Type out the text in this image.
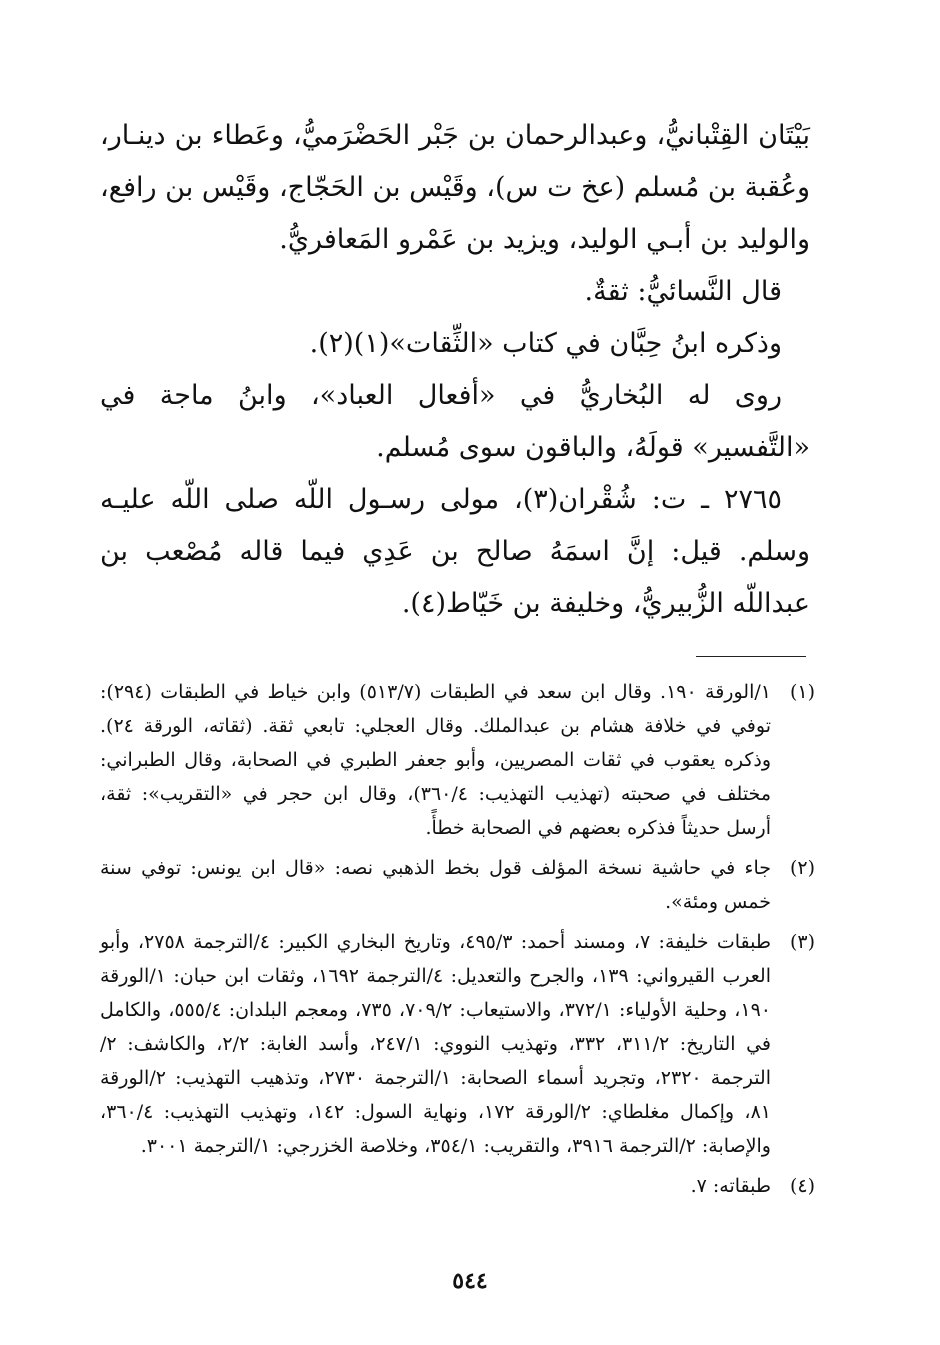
بَيْتَان القِتْبانيُّ، وعبدالرحمان بن جَبْر الحَضْرَميُّ، وعَطاء بن دينـار، وعُقبة بن مُسلم (عخ ت س)، وقَيْس بن الحَجّاج، وقَيْس بن رافع، والوليد بن أبـي الوليد، ويزيد بن عَمْرو المَعافريُّ.

قال النَّسائيُّ: ثقةٌ.

وذكره ابنُ حِبَّان في كتاب «الثِّقات»(١)(٢).

روى له البُخاريُّ في «أفعال العباد»، وابنُ ماجة في «التَّفسير» قولَهُ، والباقون سوى مُسلم.

٢٧٦٥ ـ ت: شُقْران(٣)، مولى رسـول اللّه صلى اللّه عليـه وسلم. قيل: إنَّ اسمَهُ صالح بن عَدِي فيما قاله مُصْعب بن عبداللّه الزُّبيريُّ، وخليفة بن خَيّاط(٤).

(١)
١/الورقة ١٩٠. وقال ابن سعد في الطبقات (٥١٣/٧) وابن خياط في الطبقات (٢٩٤): توفي في خلافة هشام بن عبدالملك. وقال العجلي: تابعي ثقة. (ثقاته، الورقة ٢٤). وذكره يعقوب في ثقات المصريين، وأبو جعفر الطبري في الصحابة، وقال الطبراني: مختلف في صحبته (تهذيب التهذيب: ٣٦٠/٤)، وقال ابن حجر في «التقريب»: ثقة، أرسل حديثاً فذكره بعضهم في الصحابة خطأً.
(٢)
جاء في حاشية نسخة المؤلف قول بخط الذهبي نصه: «قال ابن يونس: توفي سنة خمس ومئة».
(٣)
طبقات خليفة: ٧، ومسند أحمد: ٤٩٥/٣، وتاريخ البخاري الكبير: ٤/الترجمة ٢٧٥٨، وأبو العرب القيرواني: ١٣٩، والجرح والتعديل: ٤/الترجمة ١٦٩٢، وثقات ابن حبان: ١/الورقة ١٩٠، وحلية الأولياء: ٣٧٢/١، والاستيعاب: ٧٠٩/٢، ٧٣٥، ومعجم البلدان: ٥٥٥/٤، والكامل في التاريخ: ٣١١/٢، ٣٣٢، وتهذيب النووي: ٢٤٧/١، وأسد الغابة: ٢/٢، والكاشف: ٢/الترجمة ٢٣٢٠، وتجريد أسماء الصحابة: ١/الترجمة ٢٧٣٠، وتذهيب التهذيب: ٢/الورقة ٨١، وإكمال مغلطاي: ٢/الورقة ١٧٢، ونهاية السول: ١٤٢، وتهذيب التهذيب: ٣٦٠/٤، والإصابة: ٢/الترجمة ٣٩١٦، والتقريب: ٣٥٤/١، وخلاصة الخزرجي: ١/الترجمة ٣٠٠١.
(٤)
طبقاته: ٧.
٥٤٤
